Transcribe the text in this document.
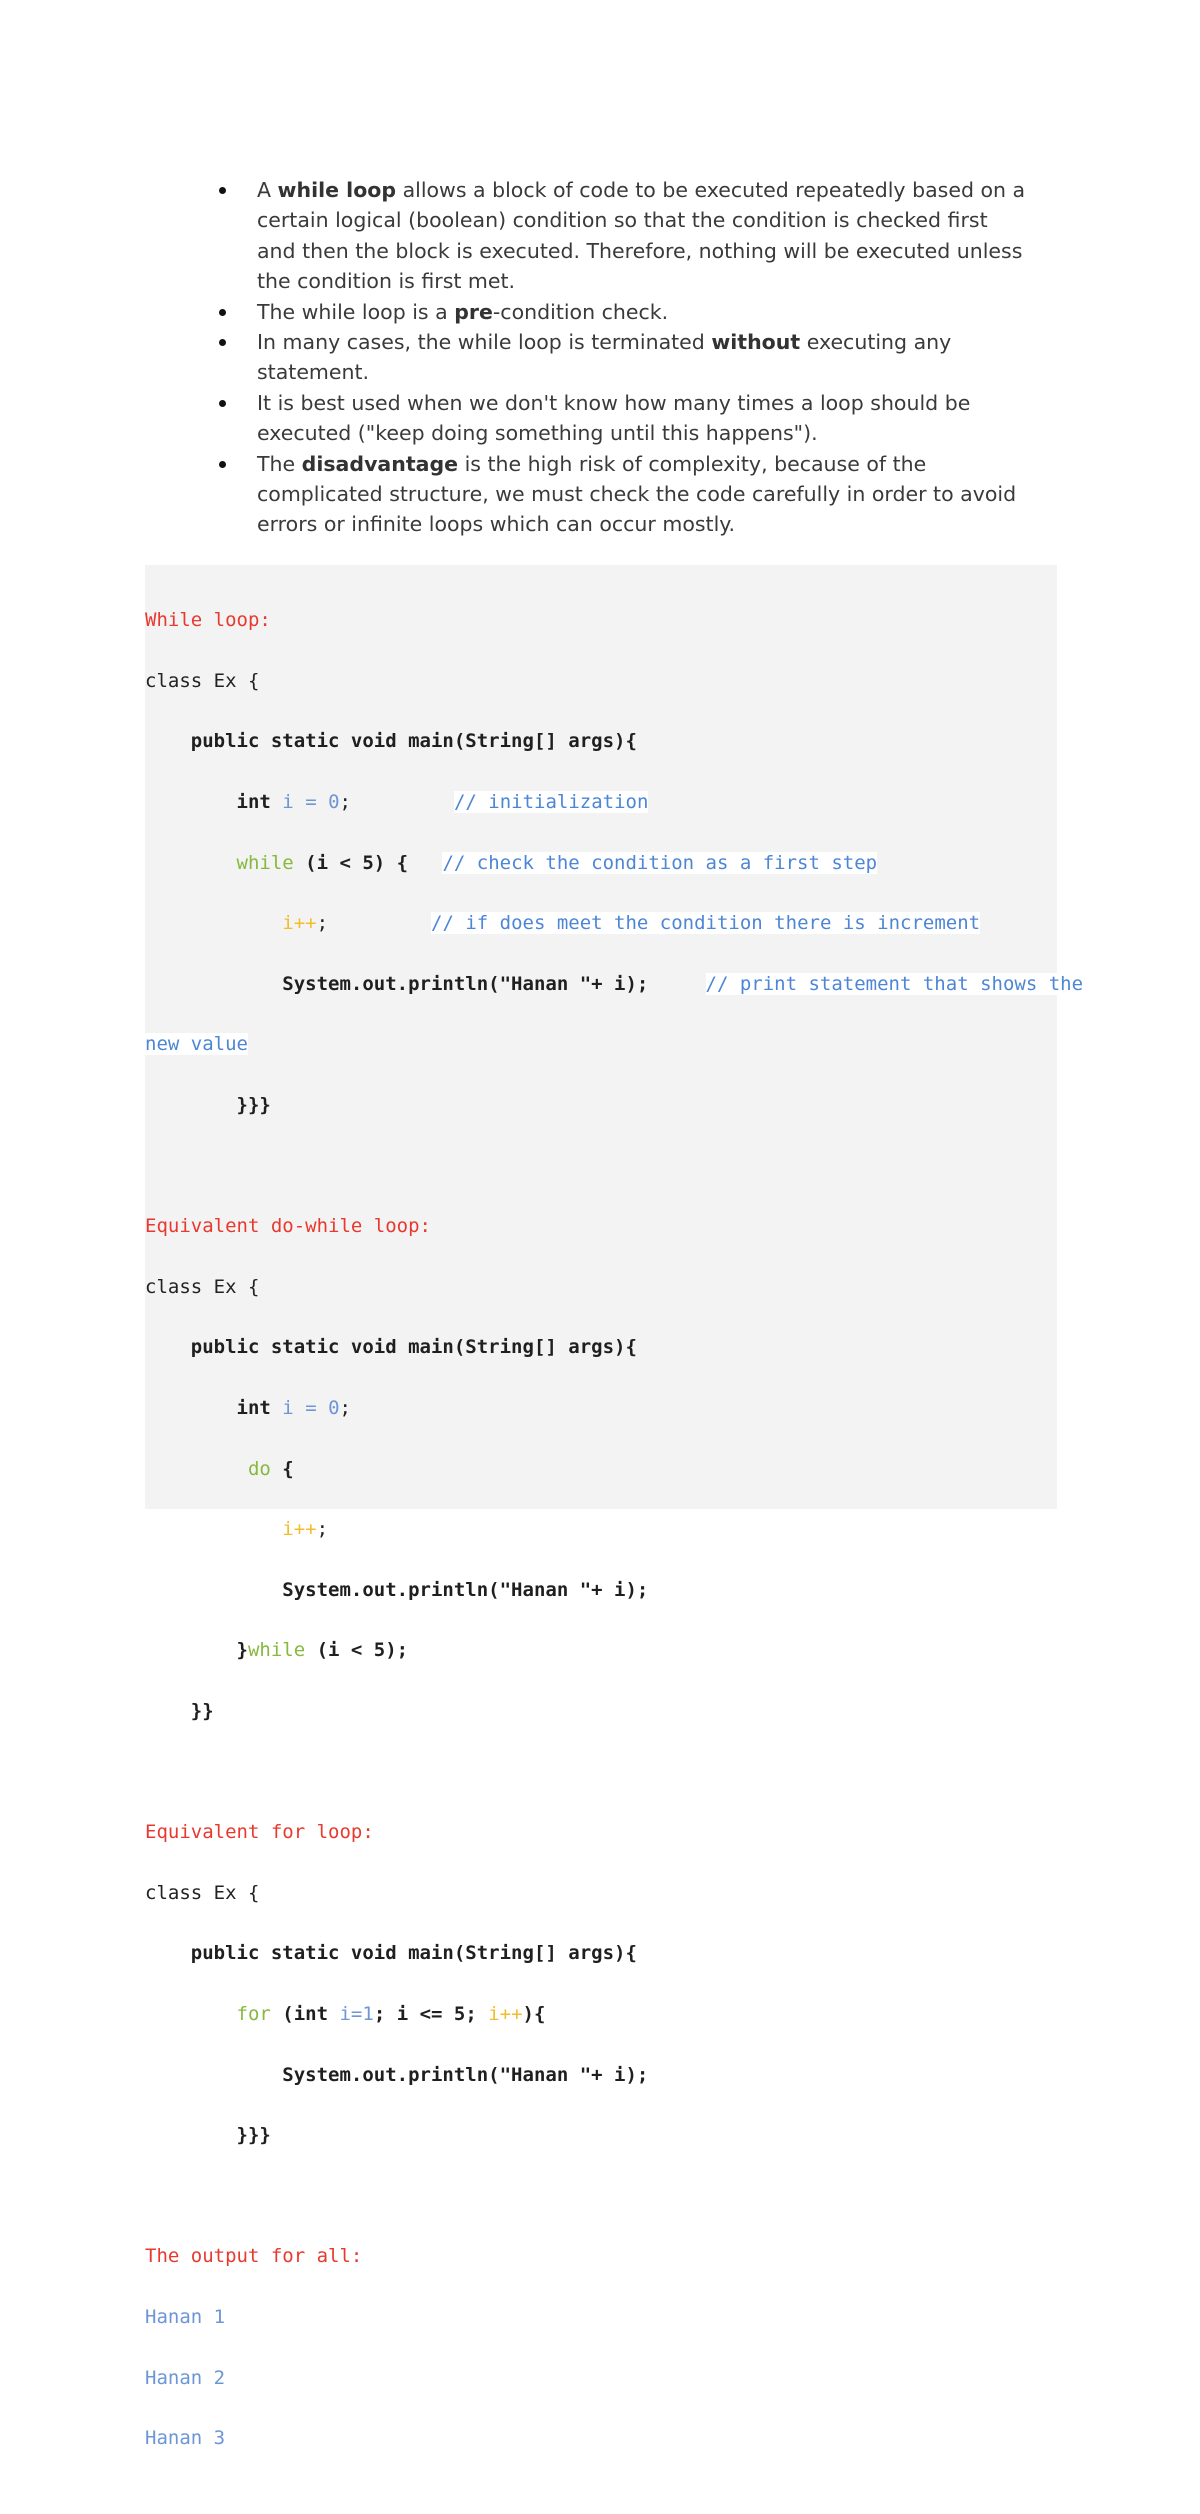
A while loop allows a block of code to be executed repeatedly based on a
certain logical (boolean) condition so that the condition is checked first
and then the block is executed. Therefore, nothing will be executed unless
the condition is first met.
The while loop is a pre-condition check.
In many cases, the while loop is terminated without executing any
statement.
It is best used when we don't know how many times a loop should be
executed ("keep doing something until this happens").
The disadvantage is the high risk of complexity, because of the
complicated structure, we must check the code carefully in order to avoid
errors or infinite loops which can occur mostly.

While loop:

class Ex {

public static void main(String[] args){

int i = 0;	// initialization

while (i < 5) { // check the condition as a first step

i++;	// if does meet the condition there is increment

System.out.println("Hanan "+ i);	// print statement that shows the

new value

}}}

Equivalent do-while loop:

class Ex {

public static void main(String[] args){

int i = 0;

do {

i++;

System.out.println("Hanan "+ i);

}while (i < 5);

}}

Equivalent for loop:

class Ex {

public static void main(String[] args){

for (int i=1; i <= 5; i++){

System.out.println("Hanan "+ i);

}}}

The output for all:

Hanan 1

Hanan 2

Hanan 3
